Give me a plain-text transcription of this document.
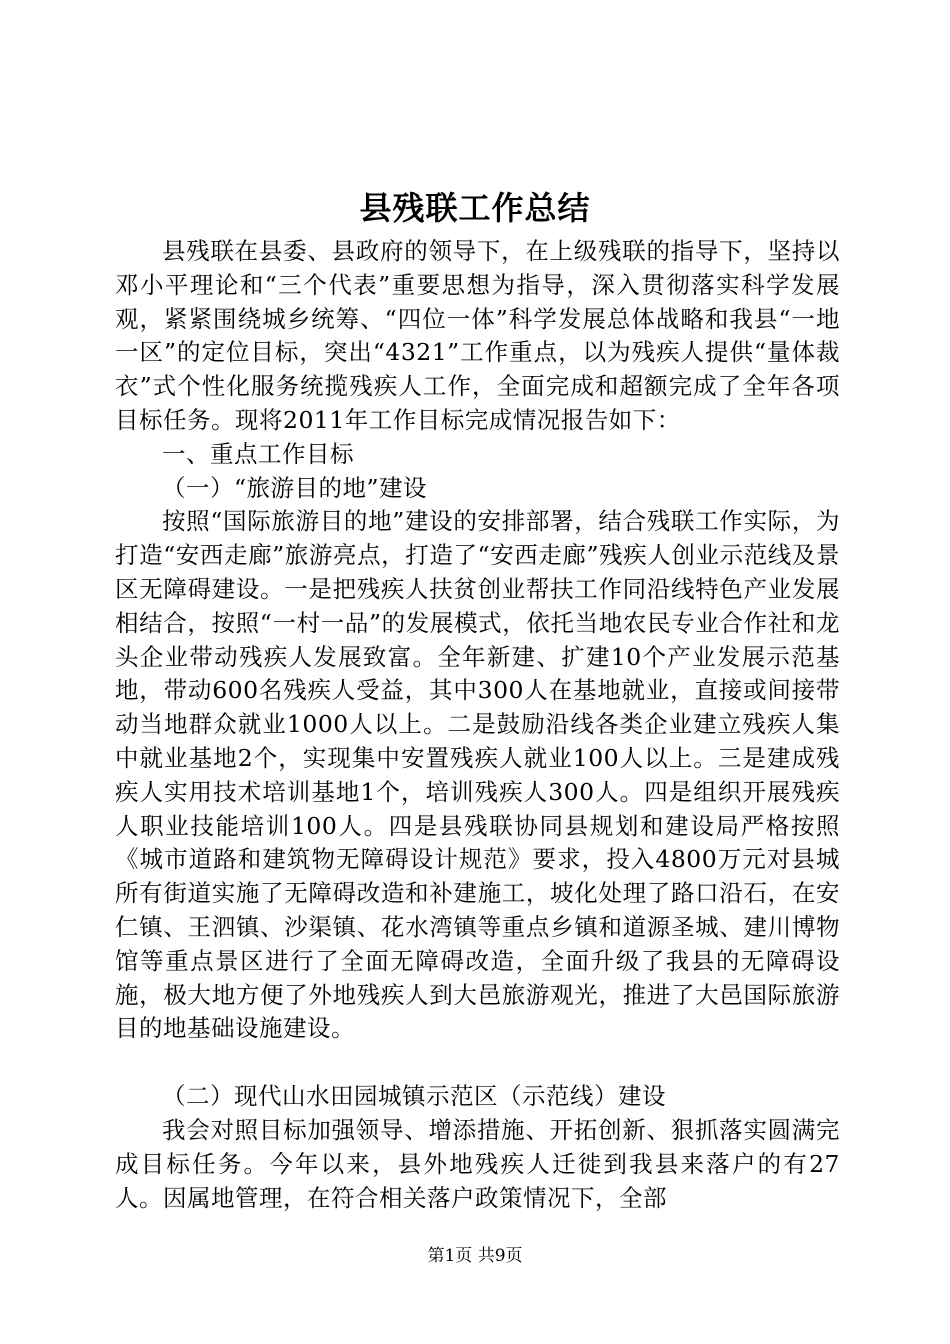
县残联工作总结

县残联在县委、县政府的领导下，在上级残联的指导下，坚持以邓小平理论和“三个代表”重要思想为指导，深入贯彻落实科学发展观，紧紧围绕城乡统筹、“四位一体”科学发展总体战略和我县“一地一区”的定位目标，突出“4321”工作重点，以为残疾人提供“量体裁衣”式个性化服务统揽残疾人工作，全面完成和超额完成了全年各项目标任务。现将2011年工作目标完成情况报告如下：

一、重点工作目标

（一）“旅游目的地”建设

按照“国际旅游目的地”建设的安排部署，结合残联工作实际，为打造“安西走廊”旅游亮点，打造了“安西走廊”残疾人创业示范线及景区无障碍建设。一是把残疾人扶贫创业帮扶工作同沿线特色产业发展相结合，按照“一村一品”的发展模式，依托当地农民专业合作社和龙头企业带动残疾人发展致富。全年新建、扩建10个产业发展示范基地，带动600名残疾人受益，其中300人在基地就业，直接或间接带动当地群众就业1000人以上。二是鼓励沿线各类企业建立残疾人集中就业基地2个，实现集中安置残疾人就业100人以上。三是建成残疾人实用技术培训基地1个，培训残疾人300人。四是组织开展残疾人职业技能培训100人。四是县残联协同县规划和建设局严格按照《城市道路和建筑物无障碍设计规范》要求，投入4800万元对县城所有街道实施了无障碍改造和补建施工，坡化处理了路口沿石，在安仁镇、王泗镇、沙渠镇、花水湾镇等重点乡镇和道源圣城、建川博物馆等重点景区进行了全面无障碍改造，全面升级了我县的无障碍设施，极大地方便了外地残疾人到大邑旅游观光，推进了大邑国际旅游目的地基础设施建设。

（二）现代山水田园城镇示范区（示范线）建设

我会对照目标加强领导、增添措施、开拓创新、狠抓落实圆满完成目标任务。今年以来，县外地残疾人迁徙到我县来落户的有27人。因属地管理，在符合相关落户政策情况下，全部

第1页 共9页
